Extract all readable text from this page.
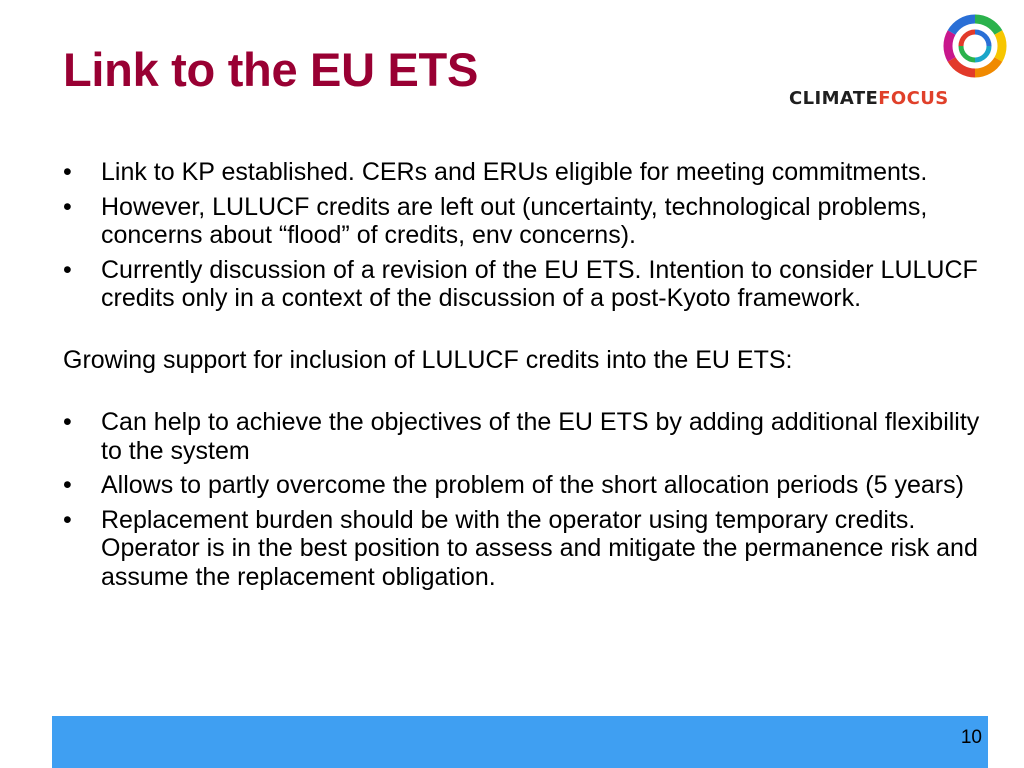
Link to the EU ETS
CLIMATEFOCUS
•	Link to KP established. CERs and ERUs eligible for meeting commitments.
•	However, LULUCF credits are left out (uncertainty, technological problems, concerns about “flood” of credits, env concerns).
•	Currently discussion of a revision of the EU ETS. Intention to consider LULUCF credits only in a context of the discussion of a post-Kyoto framework.

Growing support for inclusion of LULUCF credits into the EU ETS:

•	Can help to achieve the objectives of the EU ETS by adding additional flexibility to the system
•	Allows to partly overcome the problem of the short allocation periods (5 years)
•	Replacement burden should be with the operator using temporary credits. Operator is in the best position to assess and mitigate the permanence risk and assume the replacement obligation.
10
